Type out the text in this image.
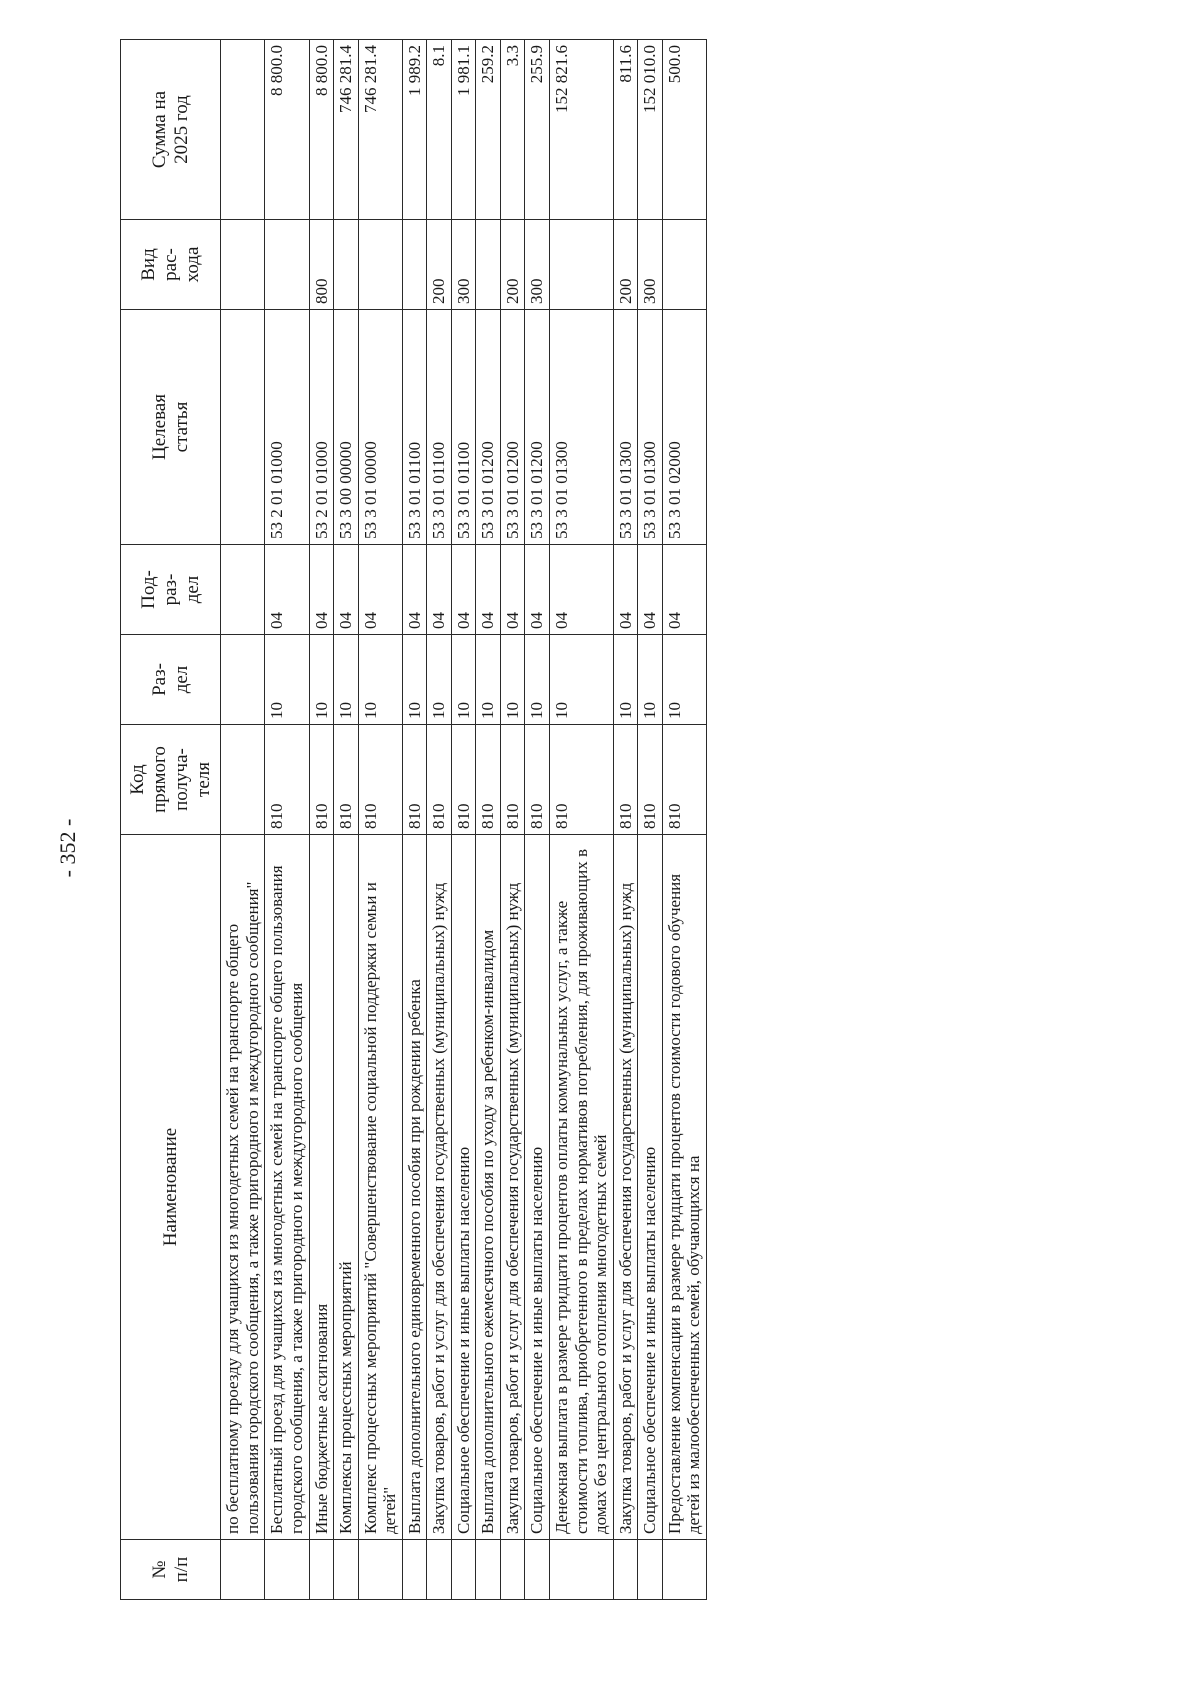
- 352 -
№
п/п	Наименование	Код
прямого
получа-
теля	Раз-
дел	Под-
раз-
дел	Целевая
статья	Вид
рас-
хода	Сумма на
2025 год
	по бесплатному проезду для учащихся из многодетных семей на транспорте общего пользования городского сообщения, а также пригородного и междугородного сообщения"						
	Бесплатный проезд для учащихся из многодетных семей на транспорте общего пользования городского сообщения, а также пригородного и междугородного сообщения	810	10	04	53 2 01 01000		8 800.0
	Иные бюджетные ассигнования	810	10	04	53 2 01 01000	800	8 800.0
	Комплексы процессных мероприятий	810	10	04	53 3 00 00000		746 281.4
	Комплекс процессных мероприятий "Совершенствование социальной поддержки семьи и детей"	810	10	04	53 3 01 00000		746 281.4
	Выплата дополнительного единовременного пособия при рождении ребенка	810	10	04	53 3 01 01100		1 989.2
	Закупка товаров, работ и услуг для обеспечения государственных (муниципальных) нужд	810	10	04	53 3 01 01100	200	8.1
	Социальное обеспечение и иные выплаты населению	810	10	04	53 3 01 01100	300	1 981.1
	Выплата дополнительного ежемесячного пособия по уходу за ребенком-инвалидом	810	10	04	53 3 01 01200		259.2
	Закупка товаров, работ и услуг для обеспечения государственных (муниципальных) нужд	810	10	04	53 3 01 01200	200	3.3
	Социальное обеспечение и иные выплаты населению	810	10	04	53 3 01 01200	300	255.9
	Денежная выплата в размере тридцати процентов оплаты коммунальных услуг, а также стоимости топлива, приобретенного в пределах нормативов потребления, для проживающих в домах без центрального отопления многодетных семей	810	10	04	53 3 01 01300		152 821.6
	Закупка товаров, работ и услуг для обеспечения государственных (муниципальных) нужд	810	10	04	53 3 01 01300	200	811.6
	Социальное обеспечение и иные выплаты населению	810	10	04	53 3 01 01300	300	152 010.0
	Предоставление компенсации в размере тридцати процентов стоимости годового обучения детей из малообеспеченных семей, обучающихся на	810	10	04	53 3 01 02000		500.0
